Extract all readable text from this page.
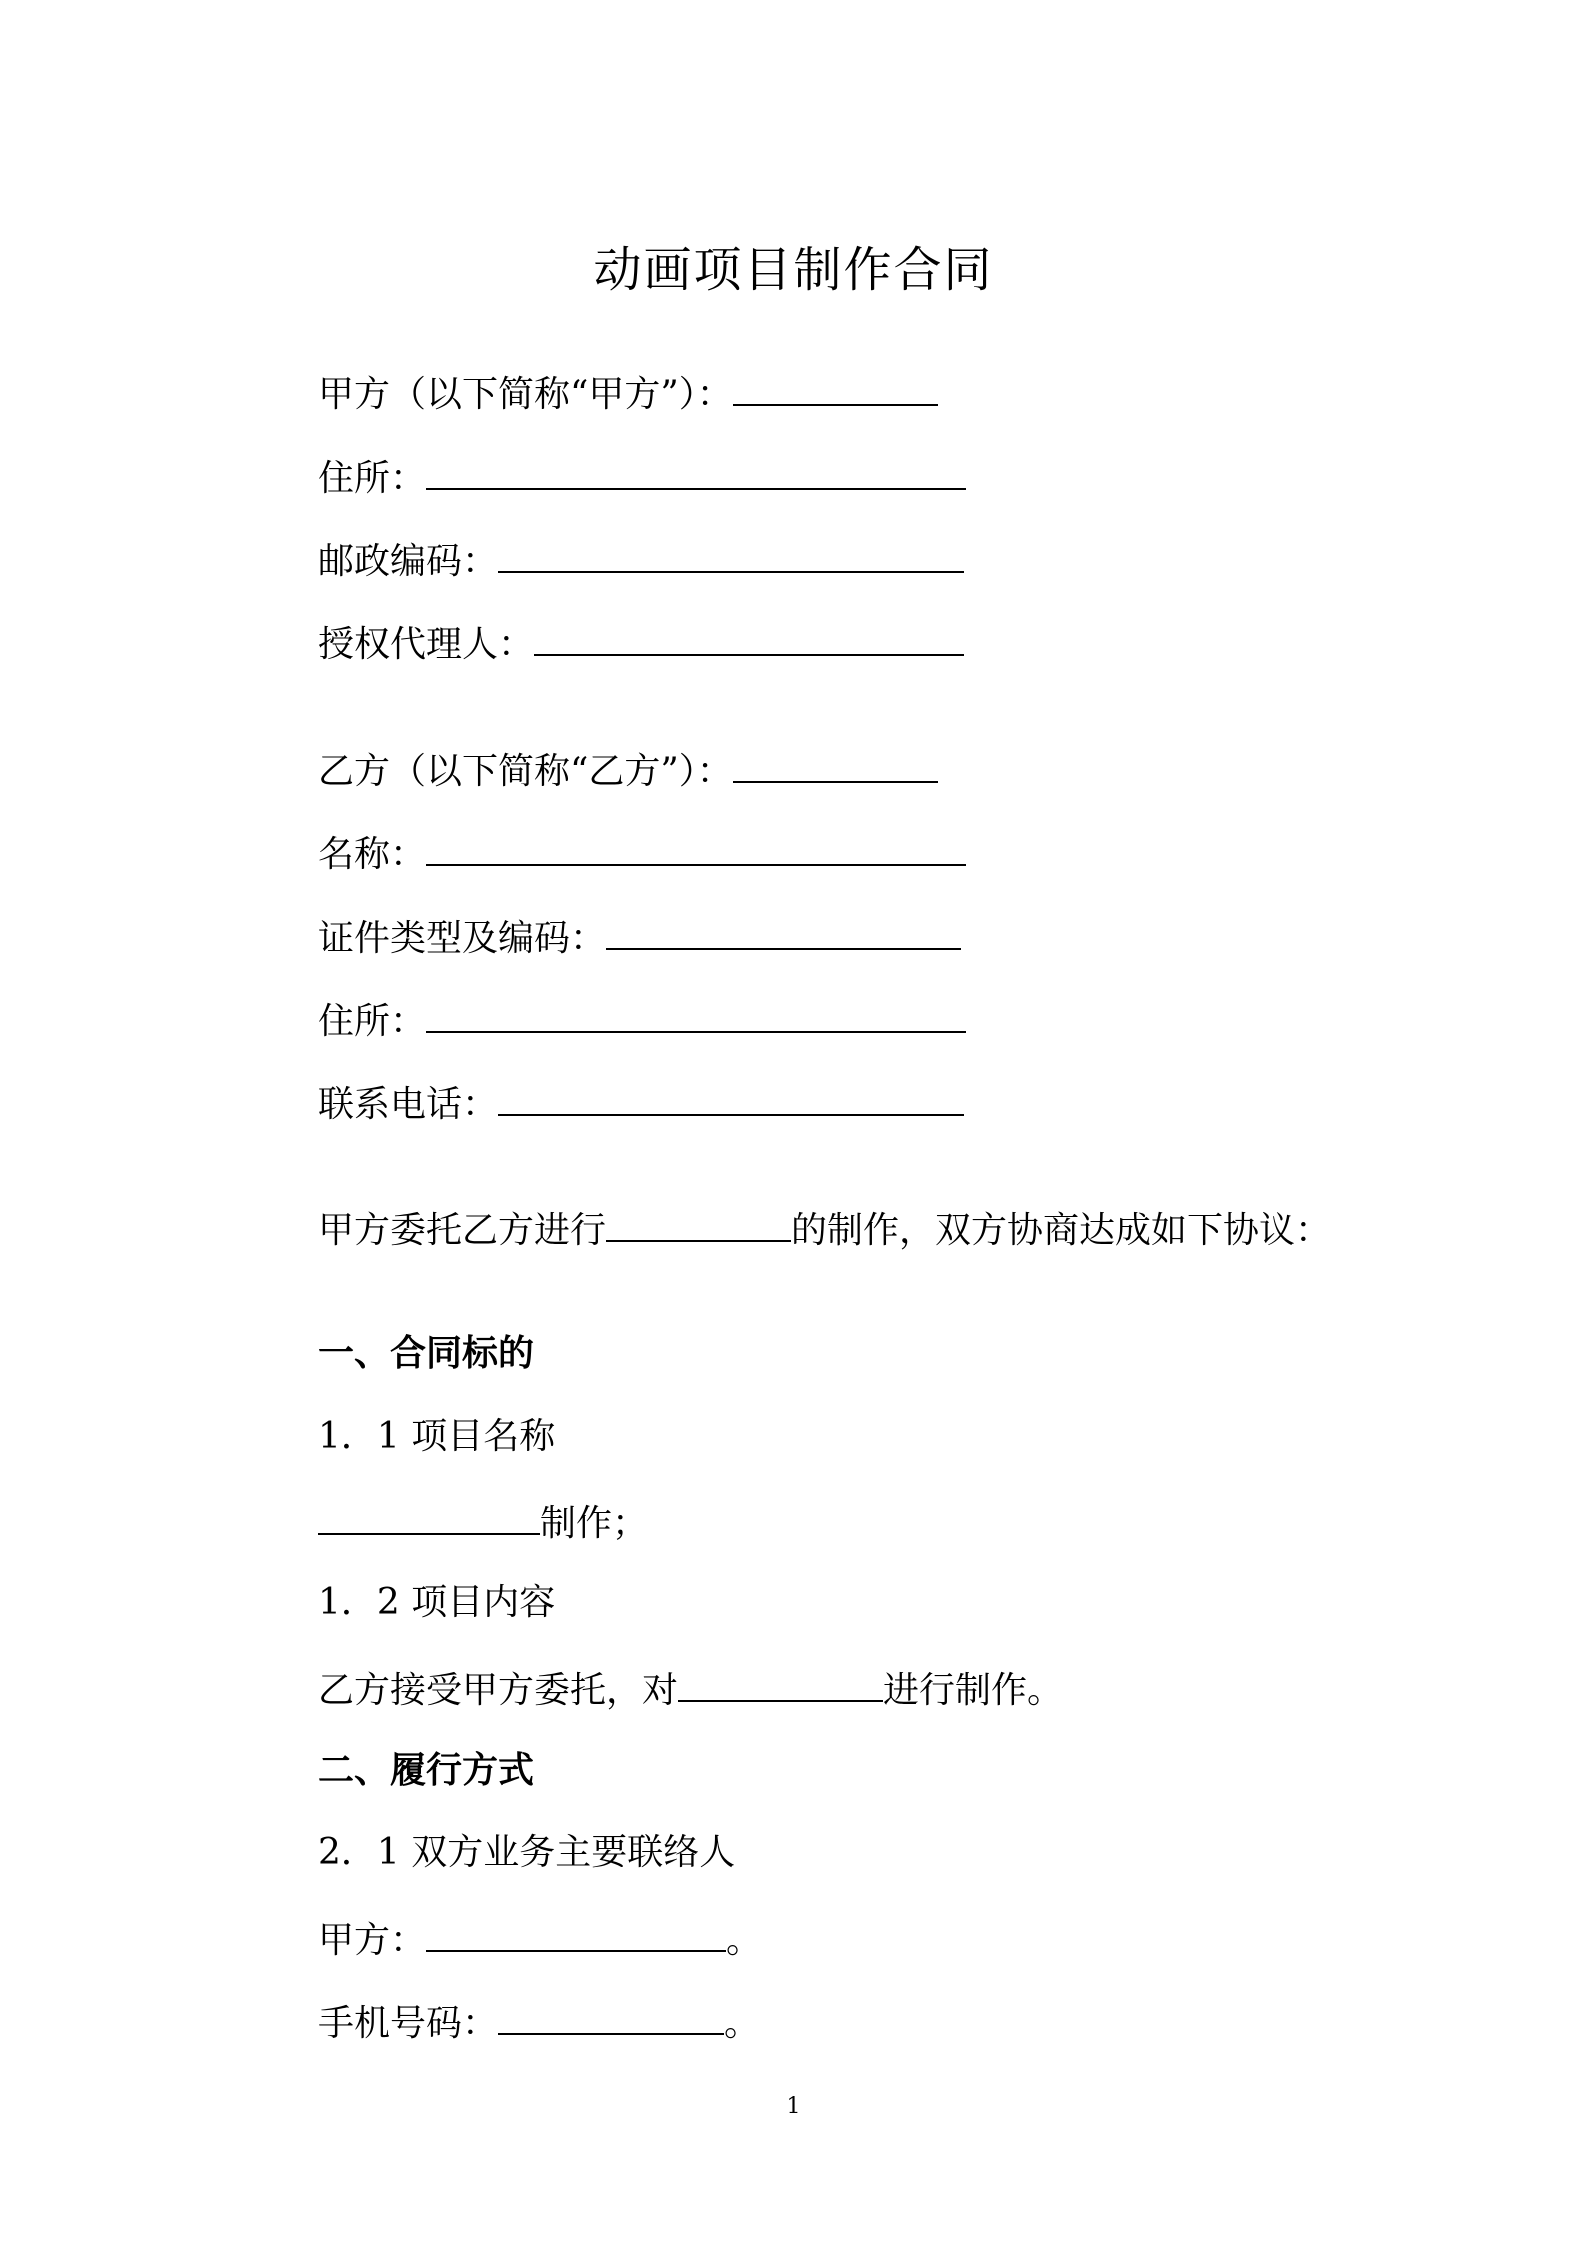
动画项目制作合同
甲方（以下简称“甲方”）：
住所：
邮政编码：
授权代理人：
乙方（以下简称“乙方”）：
名称：
证件类型及编码：
住所：
联系电话：
甲方委托乙方进行	的制作，双方协商达成如下协议：
一、合同标的
1．1 项目名称
制作；
1．2 项目内容
乙方接受甲方委托，对	进行制作。
二、履行方式
2．1 双方业务主要联络人
甲方：	。
手机号码：	。
1
